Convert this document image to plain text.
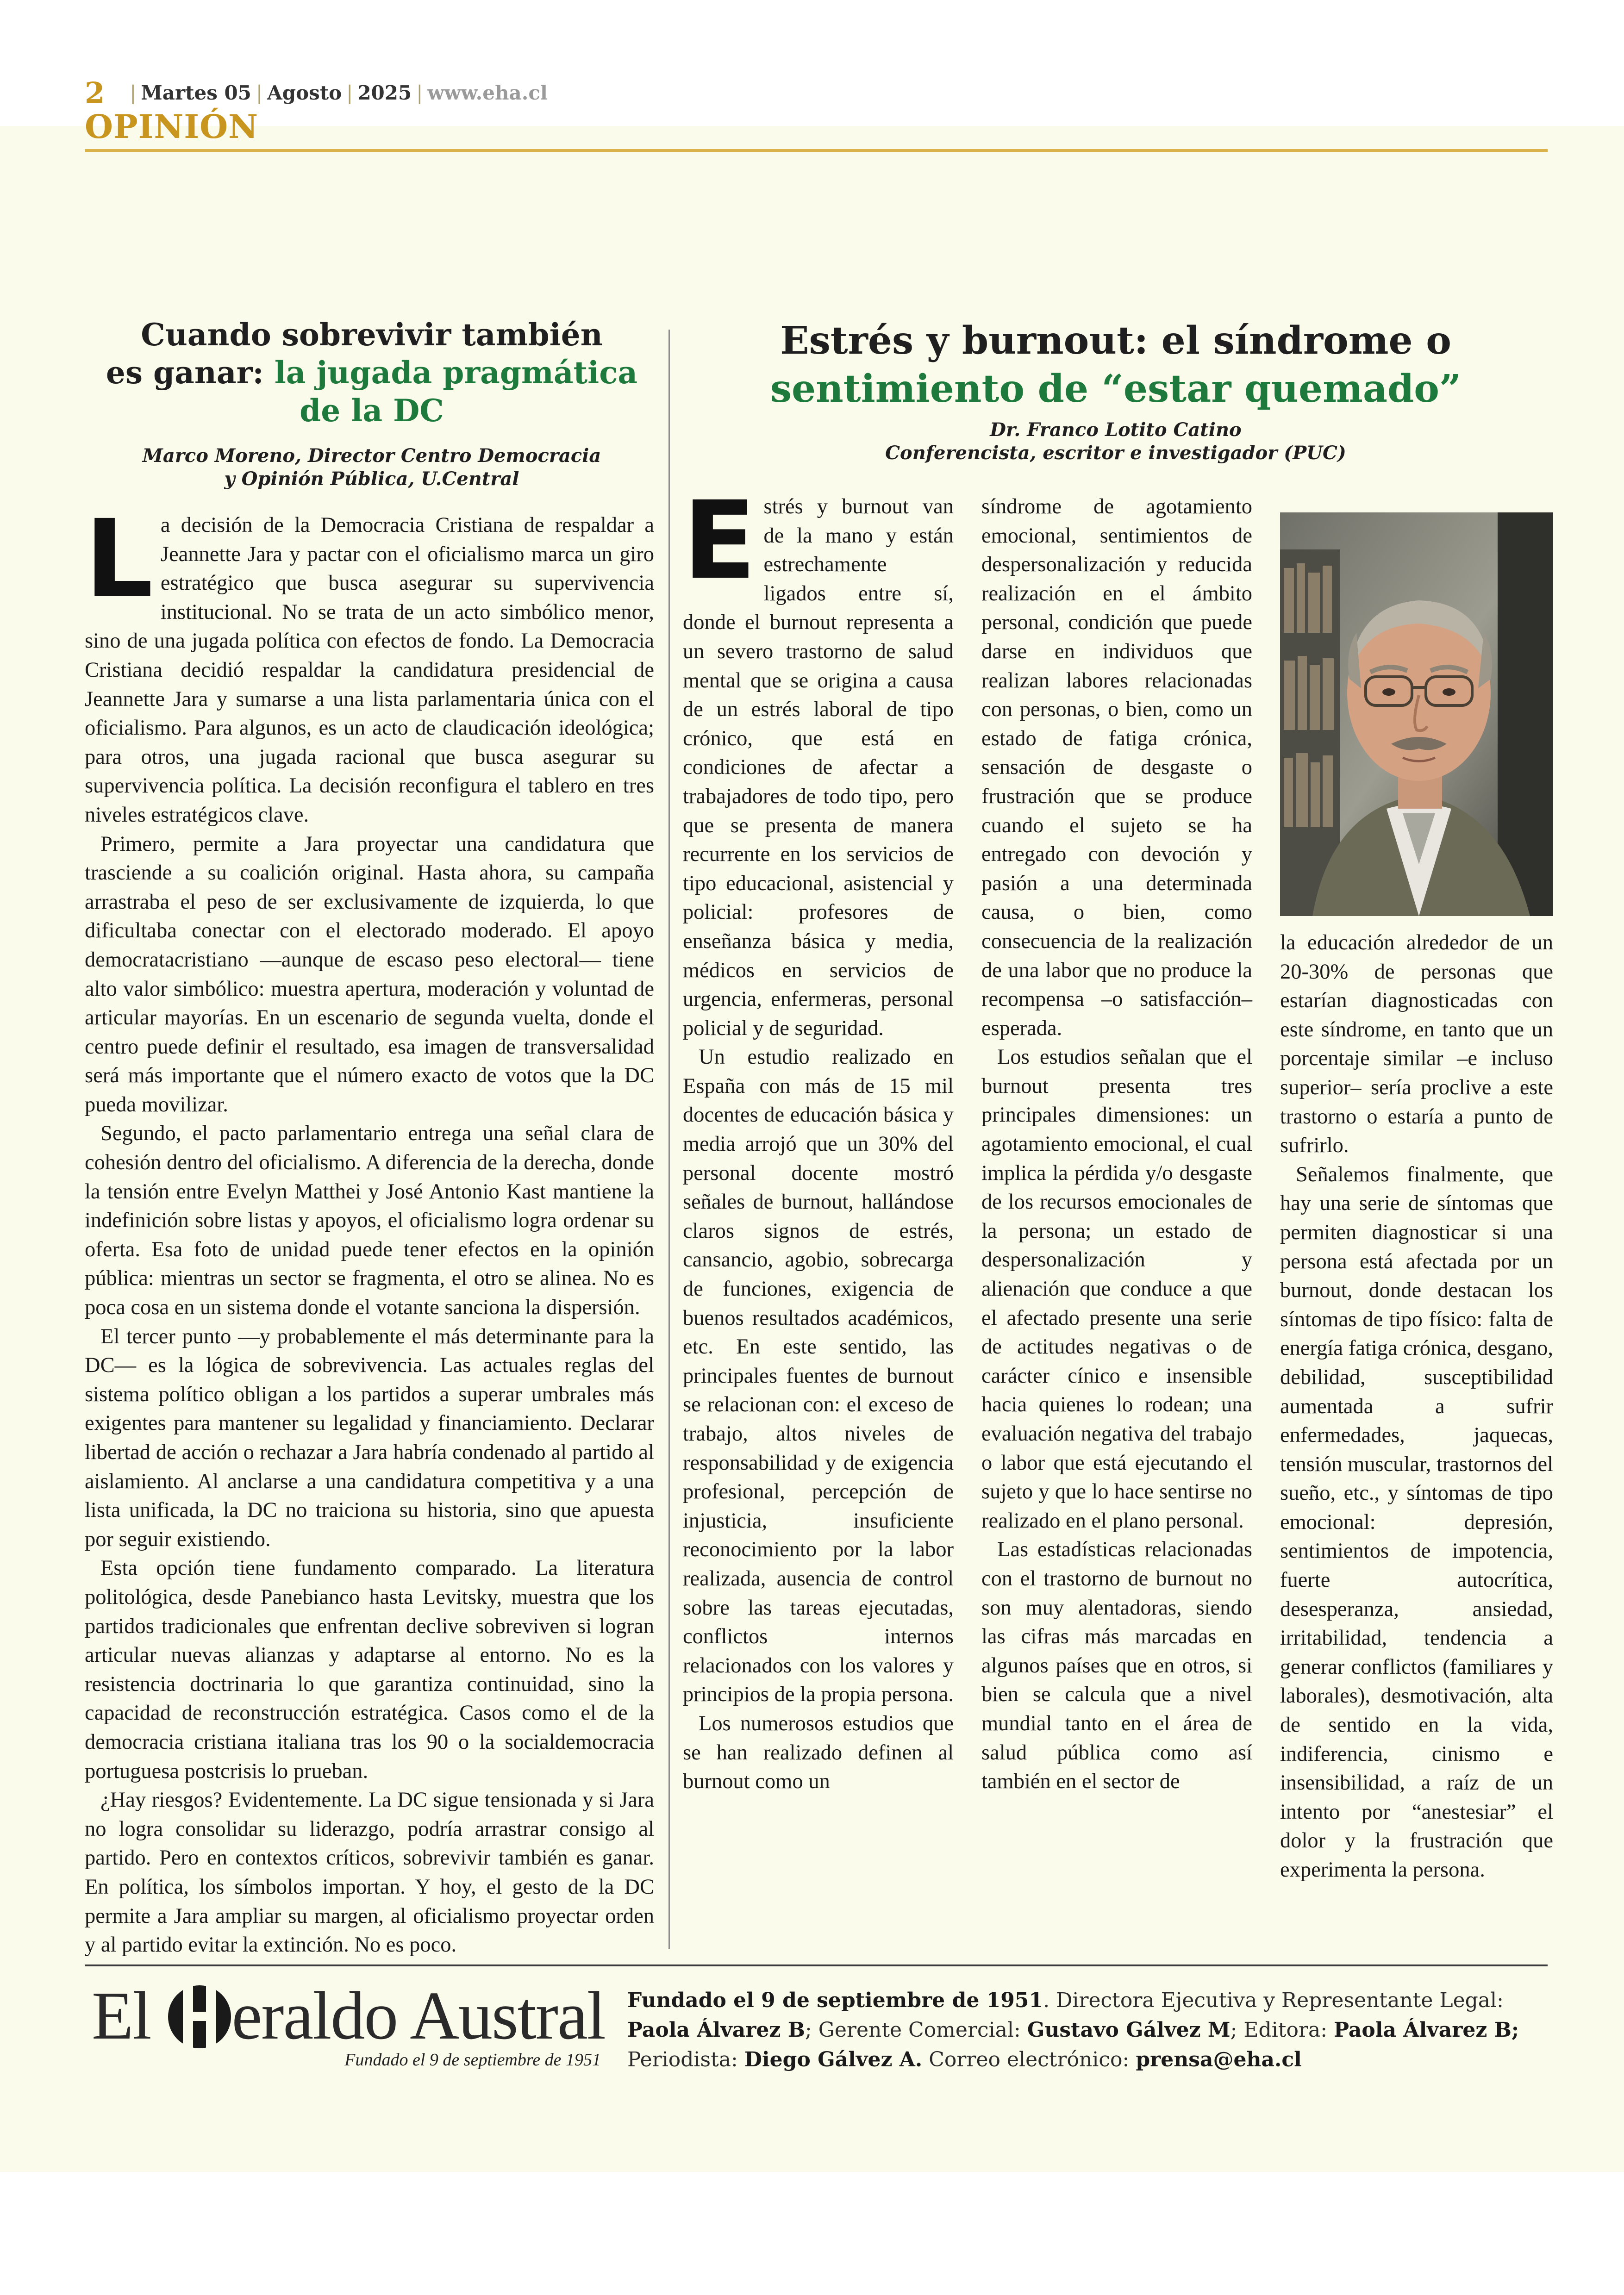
2 | Martes 05 | Agosto | 2025 | www.eha.cl
OPINIÓN
Cuando sobrevivir también
es ganar: la jugada pragmática
de la DC
Marco Moreno, Director Centro Democracia
y Opinión Pública, U.Central
L a decisión de la Democracia Cristiana de respaldar a Jeannette Jara y pactar con el oficialismo marca un giro estratégico que busca asegurar su supervivencia institucional. No se trata de un acto simbólico menor, sino de una jugada política con efectos de fondo. La Democracia Cristiana decidió respaldar la candidatura presidencial de Jeannette Jara y sumarse a una lista parlamentaria única con el oficialismo. Para algunos, es un acto de claudicación ideológica; para otros, una jugada racional que busca asegurar su supervivencia política. La decisión reconfigura el tablero en tres niveles estratégicos clave.

Primero, permite a Jara proyectar una candidatura que trasciende a su coalición original. Hasta ahora, su campaña arrastraba el peso de ser exclusivamente de izquierda, lo que dificultaba conectar con el electorado moderado. El apoyo democratacristiano —aunque de escaso peso electoral— tiene alto valor simbólico: muestra apertura, moderación y voluntad de articular mayorías. En un escenario de segunda vuelta, donde el centro puede definir el resultado, esa imagen de transversalidad será más importante que el número exacto de votos que la DC pueda movilizar.

Segundo, el pacto parlamentario entrega una señal clara de cohesión dentro del oficialismo. A diferencia de la derecha, donde la tensión entre Evelyn Matthei y José Antonio Kast mantiene la indefinición sobre listas y apoyos, el oficialismo logra ordenar su oferta. Esa foto de unidad puede tener efectos en la opinión pública: mientras un sector se fragmenta, el otro se alinea. No es poca cosa en un sistema donde el votante sanciona la dispersión.

El tercer punto —y probablemente el más determinante para la DC— es la lógica de sobrevivencia. Las actuales reglas del sistema político obligan a los partidos a superar umbrales más exigentes para mantener su legalidad y financiamiento. Declarar libertad de acción o rechazar a Jara habría condenado al partido al aislamiento. Al anclarse a una candidatura competitiva y a una lista unificada, la DC no traiciona su historia, sino que apuesta por seguir existiendo.

Esta opción tiene fundamento comparado. La literatura politológica, desde Panebianco hasta Levitsky, muestra que los partidos tradicionales que enfrentan declive sobreviven si logran articular nuevas alianzas y adaptarse al entorno. No es la resistencia doctrinaria lo que garantiza continuidad, sino la capacidad de reconstrucción estratégica. Casos como el de la democracia cristiana italiana tras los 90 o la socialdemocracia portuguesa postcrisis lo prueban.

¿Hay riesgos? Evidentemente. La DC sigue tensionada y si Jara no logra consolidar su liderazgo, podría arrastrar consigo al partido. Pero en contextos críticos, sobrevivir también es ganar. En política, los símbolos importan. Y hoy, el gesto de la DC permite a Jara ampliar su margen, al oficialismo proyectar orden y al partido evitar la extinción. No es poco.

Estrés y burnout: el síndrome o
sentimiento de “estar quemado”
Dr. Franco Lotito Catino
Conferencista, escritor e investigador (PUC)
E strés y burnout van de la mano y están estrechamente ligados entre sí, donde el burnout representa a un severo trastorno de salud mental que se origina a causa de un estrés laboral de tipo crónico, que está en condiciones de afectar a trabajadores de todo tipo, pero que se presenta de manera recurrente en los servicios de tipo educacional, asistencial y policial: profesores de enseñanza básica y media, médicos en servicios de urgencia, enfermeras, personal policial y de seguridad.

Un estudio realizado en España con más de 15 mil docentes de educación básica y media arrojó que un 30% del personal docente mostró señales de burnout, hallándose claros signos de estrés, cansancio, agobio, sobrecarga de funciones, exigencia de buenos resultados académicos, etc. En este sentido, las principales fuentes de burnout se relacionan con: el exceso de trabajo, altos niveles de responsabilidad y de exigencia profesional, percepción de injusticia, insuficiente reconocimiento por la labor realizada, ausencia de control sobre las tareas ejecutadas, conflictos internos relacionados con los valores y principios de la propia persona.

Los numerosos estudios que se han realizado definen al burnout como un

síndrome de agotamiento emocional, sentimientos de despersonalización y reducida realización en el ámbito personal, condición que puede darse en individuos que realizan labores relacionadas con personas, o bien, como un estado de fatiga crónica, sensación de desgaste o frustración que se produce cuando el sujeto se ha entregado con devoción y pasión a una determinada causa, o bien, como consecuencia de la realización de una labor que no produce la recompensa –o satisfacción– esperada.

Los estudios señalan que el burnout presenta tres principales dimensiones: un agotamiento emocional, el cual implica la pérdida y/o desgaste de los recursos emocionales de la persona; un estado de despersonalización y alienación que conduce a que el afectado presente una serie de actitudes negativas o de carácter cínico e insensible hacia quienes lo rodean; una evaluación negativa del trabajo o labor que está ejecutando el sujeto y que lo hace sentirse no realizado en el plano personal.

Las estadísticas relacionadas con el trastorno de burnout no son muy alentadoras, siendo las cifras más marcadas en algunos países que en otros, si bien se calcula que a nivel mundial tanto en el área de salud pública como así también en el sector de

la educación alrededor de un 20-30% de personas que estarían diagnosticadas con este síndrome, en tanto que un porcentaje similar –e incluso superior– sería proclive a este trastorno o estaría a punto de sufrirlo.

Señalemos finalmente, que hay una serie de síntomas que permiten diagnosticar si una persona está afectada por un burnout, donde destacan los síntomas de tipo físico: falta de energía fatiga crónica, desgano, debilidad, susceptibilidad aumentada a sufrir enfermedades, jaquecas, tensión muscular, trastornos del sueño, etc., y síntomas de tipo emocional: depresión, sentimientos de impotencia, fuerte autocrítica, desesperanza, ansiedad, irritabilidad, tendencia a generar conflictos (familiares y laborales), desmotivación, alta de sentido en la vida, indiferencia, cinismo e insensibilidad, a raíz de un intento por “anestesiar” el dolor y la frustración que experimenta la persona.

El eraldo Austral
Fundado el 9 de septiembre de 1951
Fundado el 9 de septiembre de 1951. Directora Ejecutiva y Representante Legal:
Paola Álvarez B; Gerente Comercial: Gustavo Gálvez M; Editora: Paola Álvarez B;
Periodista: Diego Gálvez A. Correo electrónico: prensa@eha.cl
